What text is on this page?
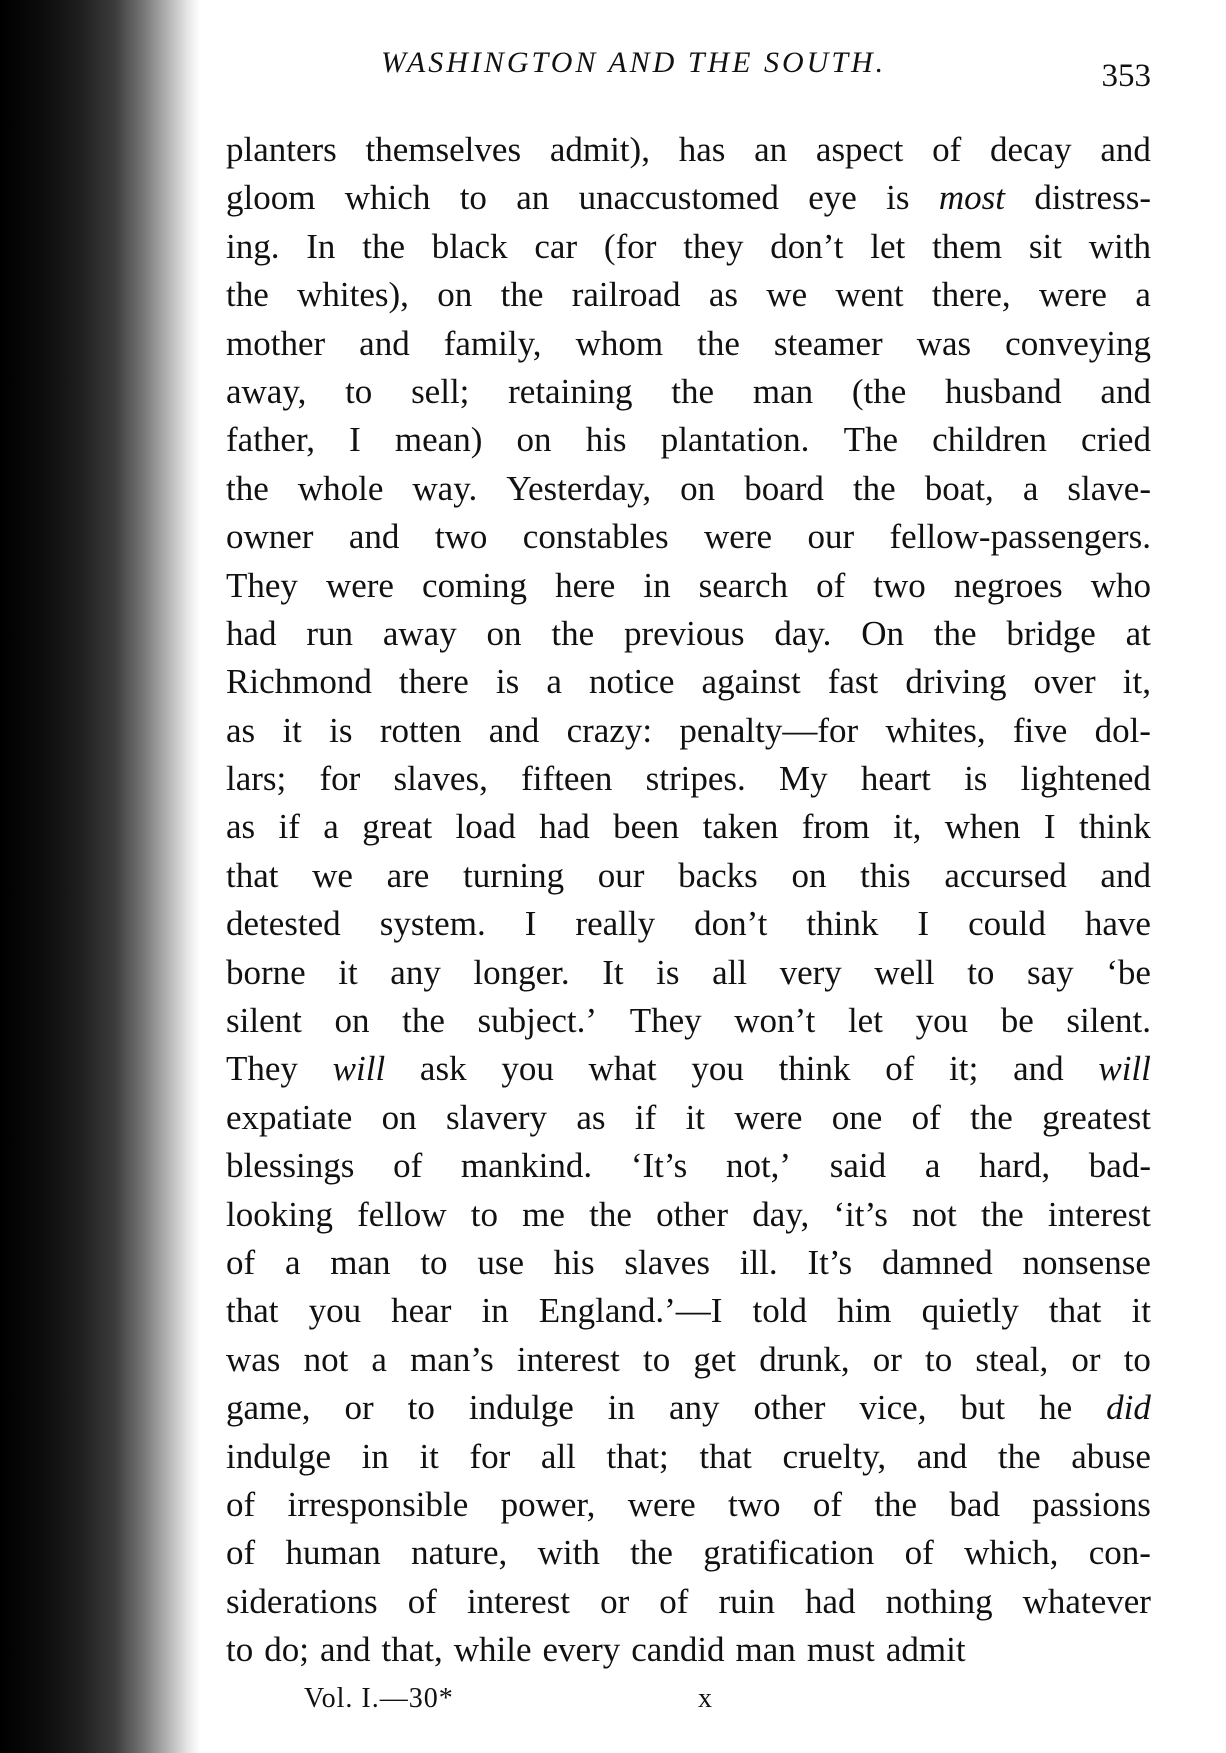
WASHINGTON AND THE SOUTH.	353
planters themselves admit), has an aspect of decay and
gloom which to an unaccustomed eye is most distress-
ing. In the black car (for they don’t let them sit with
the whites), on the railroad as we went there, were a
mother and family, whom the steamer was conveying
away, to sell; retaining the man (the husband and
father, I mean) on his plantation. The children cried
the whole way. Yesterday, on board the boat, a slave-
owner and two constables were our fellow-passengers.
They were coming here in search of two negroes who
had run away on the previous day. On the bridge at
Richmond there is a notice against fast driving over it,
as it is rotten and crazy: penalty—for whites, five dol-
lars; for slaves, fifteen stripes. My heart is lightened
as if a great load had been taken from it, when I think
that we are turning our backs on this accursed and
detested system. I really don’t think I could have
borne it any longer. It is all very well to say ‘be
silent on the subject.’ They won’t let you be silent.
They will ask you what you think of it; and will
expatiate on slavery as if it were one of the greatest
blessings of mankind. ‘It’s not,’ said a hard, bad-
looking fellow to me the other day, ‘it’s not the interest
of a man to use his slaves ill. It’s damned nonsense
that you hear in England.’—I told him quietly that it
was not a man’s interest to get drunk, or to steal, or to
game, or to indulge in any other vice, but he did
indulge in it for all that; that cruelty, and the abuse
of irresponsible power, were two of the bad passions
of human nature, with the gratification of which, con-
siderations of interest or of ruin had nothing whatever
to do; and that, while every candid man must admit
Vol. I.—30*	x
